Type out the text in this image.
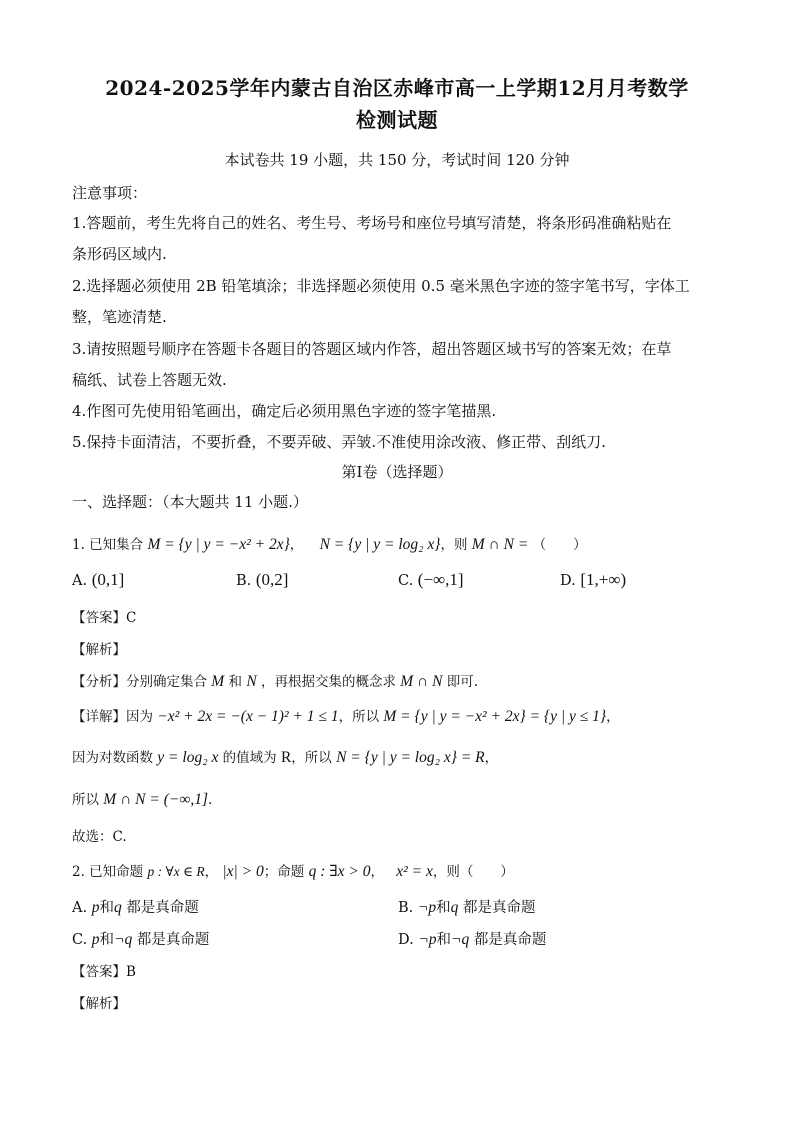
2024-2025学年内蒙古自治区赤峰市高一上学期12月月考数学
检测试题
本试卷共 19 小题，共 150 分，考试时间 120 分钟
注意事项：
1.答题前，考生先将自己的姓名、考生号、考场号和座位号填写清楚，将条形码准确粘贴在
条形码区域内.
2.选择题必须使用 2B 铅笔填涂；非选择题必须使用 0.5 毫米黑色字迹的签字笔书写，字体工
整，笔迹清楚.
3.请按照题号顺序在答题卡各题目的答题区域内作答，超出答题区域书写的答案无效；在草
稿纸、试卷上答题无效.
4.作图可先使用铅笔画出，确定后必须用黑色字迹的签字笔描黑.
5.保持卡面清洁，不要折叠，不要弄破、弄皱.不准使用涂改液、修正带、刮纸刀.
第Ⅰ卷（选择题）
一、选择题：（本大题共 11 小题.）
1. 已知集合 M = {y | y = −x² + 2x}， N = {y | y = log₂ x}，则 M ∩ N = （　　）
A. (0,1]	B. (0,2]	C. (−∞,1]	D. [1,+∞)
【答案】C
【解析】
【分析】分别确定集合 M 和 N ，再根据交集的概念求 M ∩ N 即可.
【详解】因为 −x² + 2x = −(x − 1)² + 1 ≤ 1，所以 M = {y | y = −x² + 2x} = {y | y ≤ 1}，
因为对数函数 y = log₂ x 的值域为 R，所以 N = {y | y = log₂ x} = R，
所以 M ∩ N = (−∞,1].
故选：C.
2. 已知命题 p : ∀x ∈ R， |x| > 0；命题 q : ∃x > 0， x² = x，则（　　）
A. p和q 都是真命题	B. ¬p和q 都是真命题
C. p和¬q 都是真命题	D. ¬p和¬q 都是真命题
【答案】B
【解析】
